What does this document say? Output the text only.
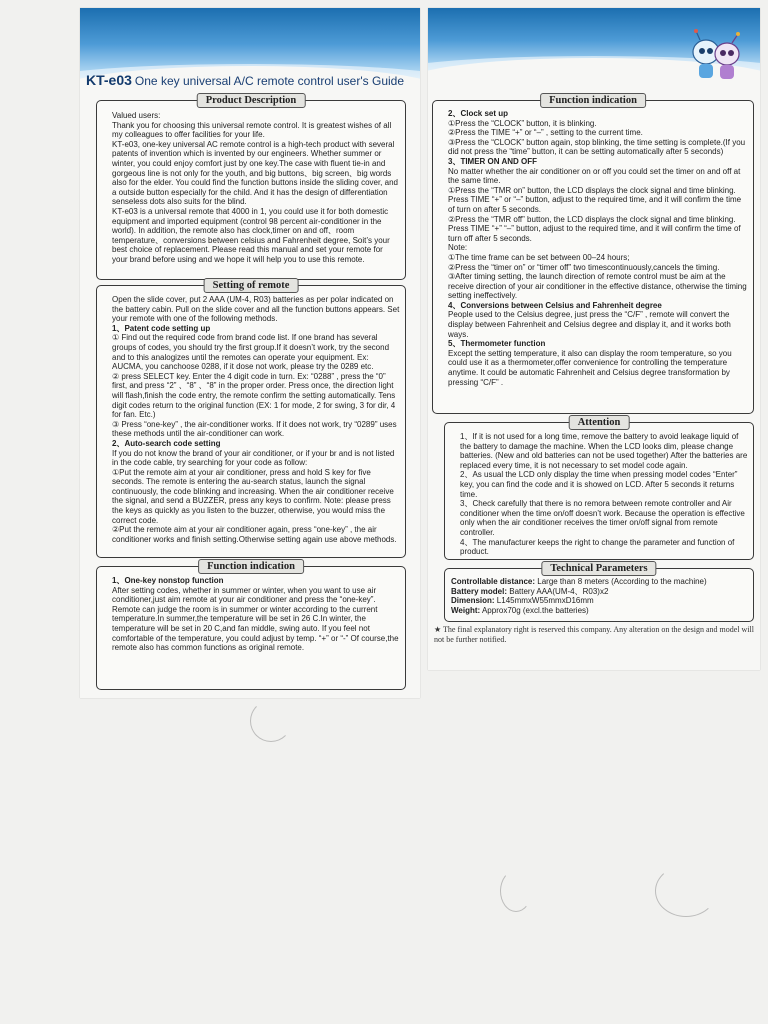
KT-e03 One key universal A/C remote control user's Guide
Product Description

Valued users:

Thank you for choosing this universal remote control. It is greatest wishes of all my colleagues to offer facilities for your life.

KT-e03, one-key universal AC remote control is a high-tech product with several patents of invention which is invented by our engineers. Whether summer or winter, you could enjoy comfort just by one key.The case with fluent tie-in and gorgeous line is not only for the youth, and big buttons、big screen、big words also for the elder. You could find the function buttons inside the sliding cover, and a outside button especially for the child. And it has the design of differentiation senseless dots also suits for the blind.

KT-e03 is a universal remote that 4000 in 1, you could use it for both domestic equipment and imported equipment (control 98 percent air-conditioner in the world). In addition, the remote also has clock,timer on and off、room temperature、conversions between celsius and Fahrenheit degree, Soit’s your best choice of replacement. Please read this manual and set your remote for your brand before using and we hope it will help you to use this remote.

Setting of remote

Open the slide cover, put 2 AAA (UM-4, R03) batteries as per polar indicated on the battery cabin. Pull on the slide cover and all the function buttons appears. Set your remote with one of the following methods.

1、Patent code setting up

① Find out the required code from brand code list. If one brand has several groups of codes, you should try the first group.If it doesn’t work, try the second and to this analogizes until the remotes can operate your equipment. Ex: AUCMA, you canchoose 0288, if it dose not work, please try the 0289 etc.

② press SELECT key. Enter the 4 digit code in turn. Ex: “0288” , press the “0” first, and press “2” 、“8” 、“8” in the proper order. Press once, the direction light will flash,finish the code entry, the remote confirm the setting automatically. Tens digit codes return to the original function (EX: 1 for mode, 2 for swing, 3 for dir, 4 for fan. Etc.)

③ Press “one-key” , the air-conditioner works. If it does not work, try “0289” uses these methods until the air-conditioner can work.

2、Auto-search code setting

If you do not know the brand of your air conditioner, or if your br and is not listed in the code cable, try searching for your code as follow:

①Put the remote aim at your air conditioner, press and hold S key for five seconds. The remote is entering the au-search status, launch the signal continuously, the code blinking and increasing. When the air conditioner receive the signal, and send a BUZZER, press any keys to confirm. Note: please press the keys as quickly as you listen to the buzzer, otherwise, you would miss the correct code.

②Put the remote aim at your air conditioner again, press “one-key” , the air conditioner works and finish setting.Otherwise setting again use above methods.

Function indication

1、One-key nonstop function

After setting codes, whether in summer or winter, when you want to use air conditioner,just aim remote at your air conditioner and press the “one-key”. Remote can judge the room is in summer or winter according to the current temperature.In summer,the temperature will be set in 26 C.In winter, the temperature will be set in 20 C,and fan middle, swing auto. If you feel not comfortable of the temperature, you could adjust by temp. “+” or “-” Of course,the remote also has common functions as original remote.

Function indication

2、Clock set up

①Press the “CLOCK” button, it is blinking.

②Press the TIME “+” or “–” , setting to the current time.

③Press the “CLOCK” button again, stop blinking, the time setting is complete.(If you did not press the “time” button, it can be setting automatically after 5 seconds)

3、TIMER ON AND OFF

No matter whether the air conditioner on or off you could set the timer on and off at the same time.

①Press the “TMR on” button, the LCD displays the clock signal and time blinking. Press TIME “+” or “–” button, adjust to the required time, and it will confirm the time of turn on after 5 seconds.

②Press the “TMR off” button, the LCD displays the clock signal and time blinking. Press TIME “+” “–” button, adjust to the required time, and it will confirm the time of turn off after 5 seconds.

Note:

①The time frame can be set between 00–24 hours;

②Press the “timer on” or “timer off” two timescontinuously,cancels the timing.

③After timing setting, the launch direction of remote control must be aim at the receive direction of your air conditioner in the effective distance, otherwise the timing setting ineffectively.

4、Conversions between Celsius and Fahrenheit degree

People used to the Celsius degree, just press the “C/F” , remote will convert the display between Fahrenheit and Celsius degree and display it, and it works both ways.

5、Thermometer function

Except the setting temperature, it also can display the room temperature, so you could use it as a thermometer,offer convenience for controlling the temperature anytime. It could be automatic Fahrenheit and Celsius degree transformation by pressing “C/F” .

Attention

1、If it is not used for a long time, remove the battery to avoid leakage liquid of the battery to damage the machine. When the LCD looks dim, please change batteries. (New and old batteries can not be used together) After the batteries are replaced every time, it is not necessary to set model code again.

2、As usual the LCD only display the time when pressing model codes “Enter” key, you can find the code and it is showed on LCD. After 5 seconds it returns time.

3、Check carefully that there is no remora between remote controller and Air conditioner when the time on/off doesn’t work. Because the operation is effective only when the air conditioner receives the timer on/off signal from remote controller.

4、The manufacturer keeps the right to change the parameter and function of product.

Technical Parameters

Controllable distance: Large than 8 meters (According to the machine)

Battery model: Battery AAA(UM-4、R03)x2

Dimension: L145mmxW55mmxD16mm

Weight: Approx70g (excl.the batteries)

★ The final explanatory right is reserved this company. Any alteration on the design and model will not be further notified.
